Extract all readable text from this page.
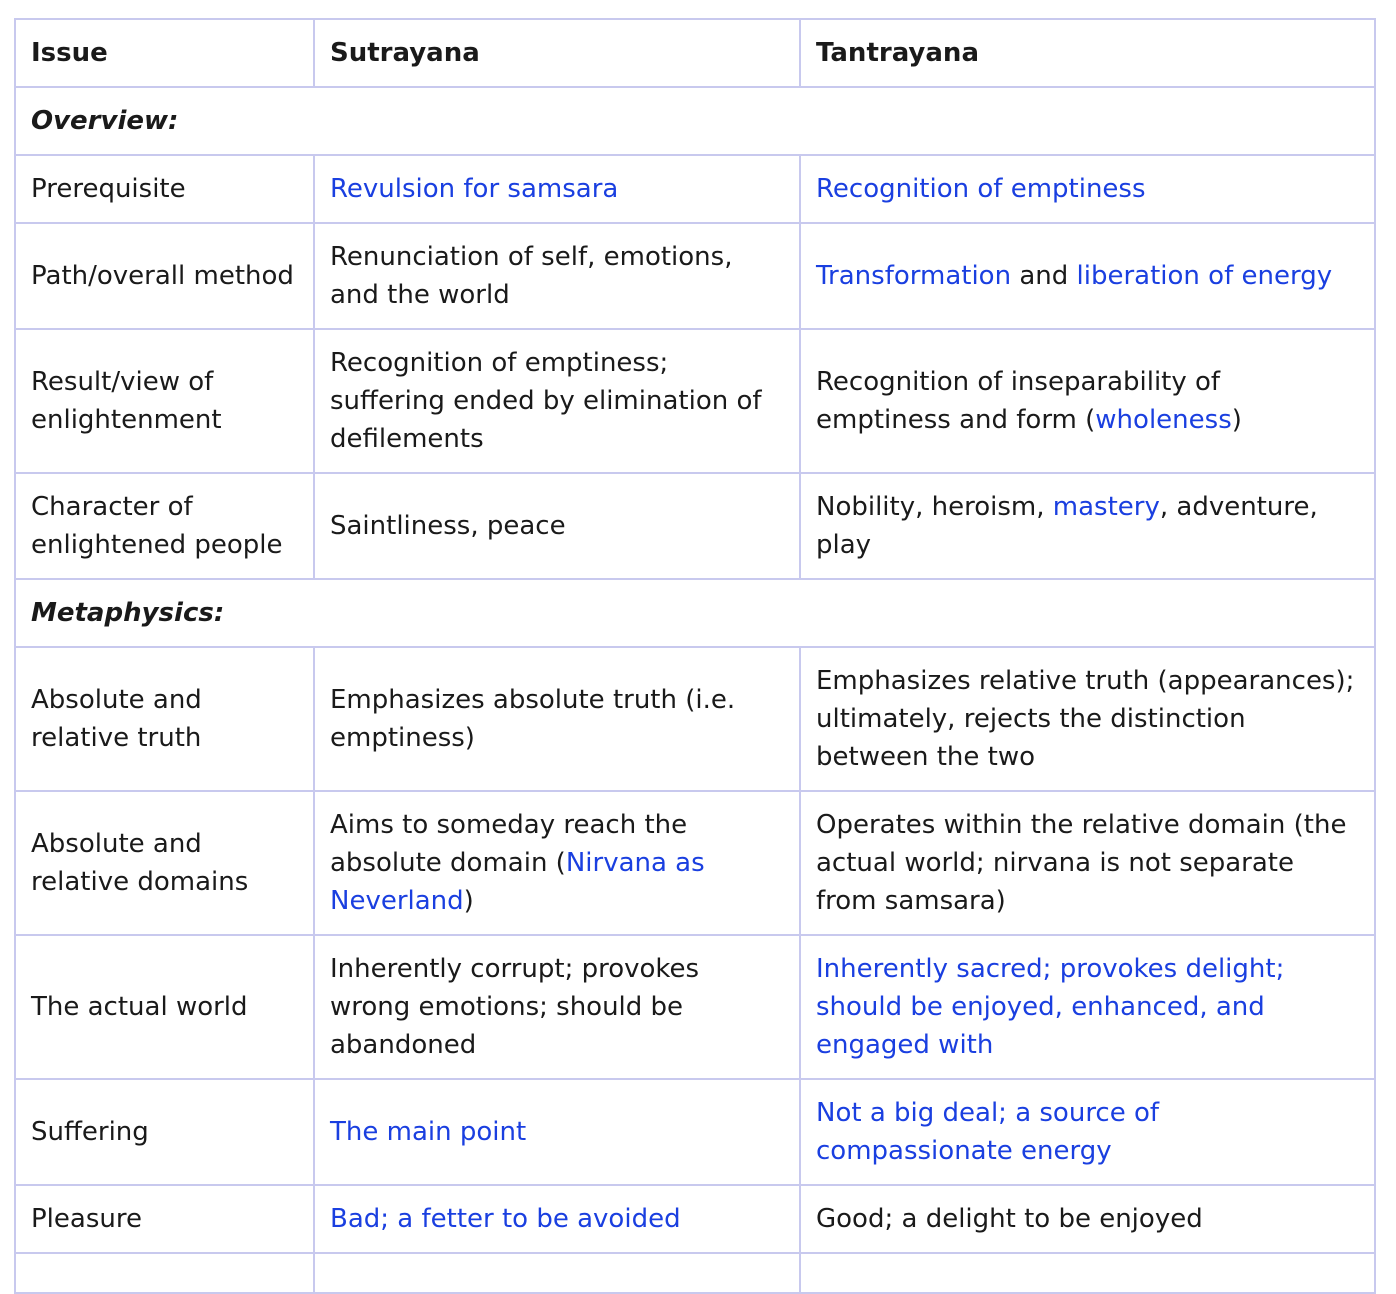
Issue	Sutrayana	Tantrayana
Overview:		
Prerequisite	Revulsion for samsara	Recognition of emptiness
Path/overall method	Renunciation of self, emotions, and the world	Transformation and liberation of energy
Result/view of enlightenment	Recognition of emptiness; suffering ended by elimination of defilements	Recognition of inseparability of emptiness and form (wholeness)
Character of enlightened people	Saintliness, peace	Nobility, heroism, mastery, adventure, play
Metaphysics:		
Absolute and relative truth	Emphasizes absolute truth (i.e. emptiness)	Emphasizes relative truth (appearances); ultimately, rejects the distinction between the two
Absolute and relative domains	Aims to someday reach the absolute domain (Nirvana as Neverland)	Operates within the relative domain (the actual world; nirvana is not separate from samsara)
The actual world	Inherently corrupt; provokes wrong emotions; should be abandoned	Inherently sacred; provokes delight; should be enjoyed, enhanced, and engaged with
Suffering	The main point	Not a big deal; a source of compassionate energy
Pleasure	Bad; a fetter to be avoided	Good; a delight to be enjoyed
